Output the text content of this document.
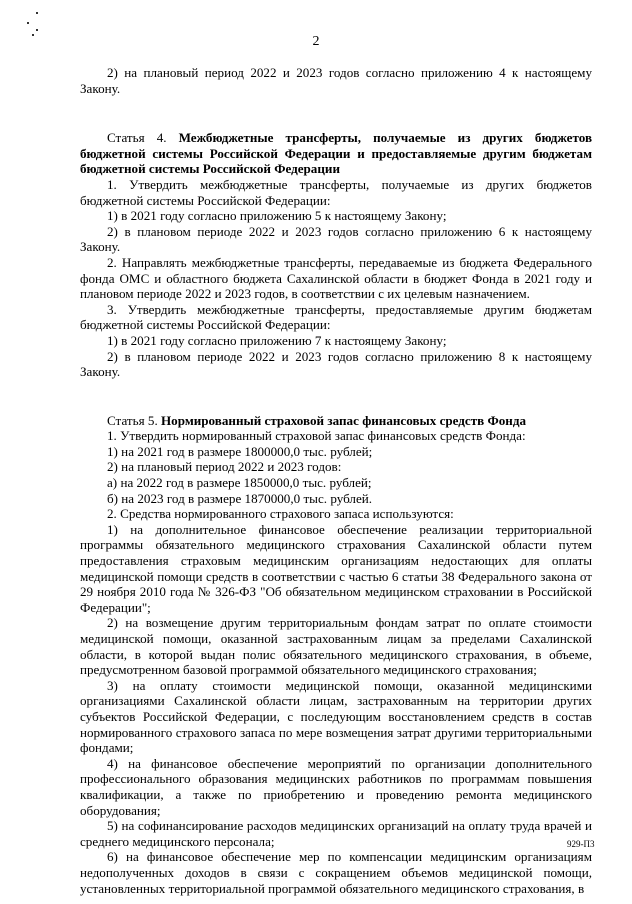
2

2) на плановый период 2022 и 2023 годов согласно приложению 4 к настоящему Закону.

Статья 4. Межбюджетные трансферты, получаемые из других бюджетов бюджетной системы Российской Федерации и предоставляемые другим бюджетам бюджетной системы Российской Федерации

1. Утвердить межбюджетные трансферты, получаемые из других бюджетов бюджетной системы Российской Федерации:

1) в 2021 году согласно приложению 5 к настоящему Закону;

2) в плановом периоде 2022 и 2023 годов согласно приложению 6 к настоящему Закону.

2. Направлять межбюджетные трансферты, передаваемые из бюджета Федерального фонда ОМС и областного бюджета Сахалинской области в бюджет Фонда в 2021 году и плановом периоде 2022 и 2023 годов, в соответствии с их целевым назначением.

3. Утвердить межбюджетные трансферты, предоставляемые другим бюджетам бюджетной системы Российской Федерации:

1) в 2021 году согласно приложению 7 к настоящему Закону;

2) в плановом периоде 2022 и 2023 годов согласно приложению 8 к настоящему Закону.

Статья 5. Нормированный страховой запас финансовых средств Фонда

1. Утвердить нормированный страховой запас финансовых средств Фонда:

1) на 2021 год в размере 1800000,0 тыс. рублей;

2) на плановый период 2022 и 2023 годов:

а) на 2022 год в размере 1850000,0 тыс. рублей;

б) на 2023 год в размере 1870000,0 тыс. рублей.

2. Средства нормированного страхового запаса используются:

1) на дополнительное финансовое обеспечение реализации территориальной программы обязательного медицинского страхования Сахалинской области путем предоставления страховым медицинским организациям недостающих для оплаты медицинской помощи средств в соответствии с частью 6 статьи 38 Федерального закона от 29 ноября 2010 года № 326-ФЗ "Об обязательном медицинском страховании в Российской Федерации";

2) на возмещение другим территориальным фондам затрат по оплате стоимости медицинской помощи, оказанной застрахованным лицам за пределами Сахалинской области, в которой выдан полис обязательного медицинского страхования, в объеме, предусмотренном базовой программой обязательного медицинского страхования;

3) на оплату стоимости медицинской помощи, оказанной медицинскими организациями Сахалинской области лицам, застрахованным на территории других субъектов Российской Федерации, с последующим восстановлением средств в состав нормированного страхового запаса по мере возмещения затрат другими территориальными фондами;

4) на финансовое обеспечение мероприятий по организации дополнительного профессионального образования медицинских работников по программам повышения квалификации, а также по приобретению и проведению ремонта медицинского оборудования;

5) на софинансирование расходов медицинских организаций на оплату труда врачей и среднего медицинского персонала;

6) на финансовое обеспечение мер по компенсации медицинским организациям недополученных доходов в связи с сокращением объемов медицинской помощи, установленных территориальной программой обязательного медицинского страхования, в

929-П3
